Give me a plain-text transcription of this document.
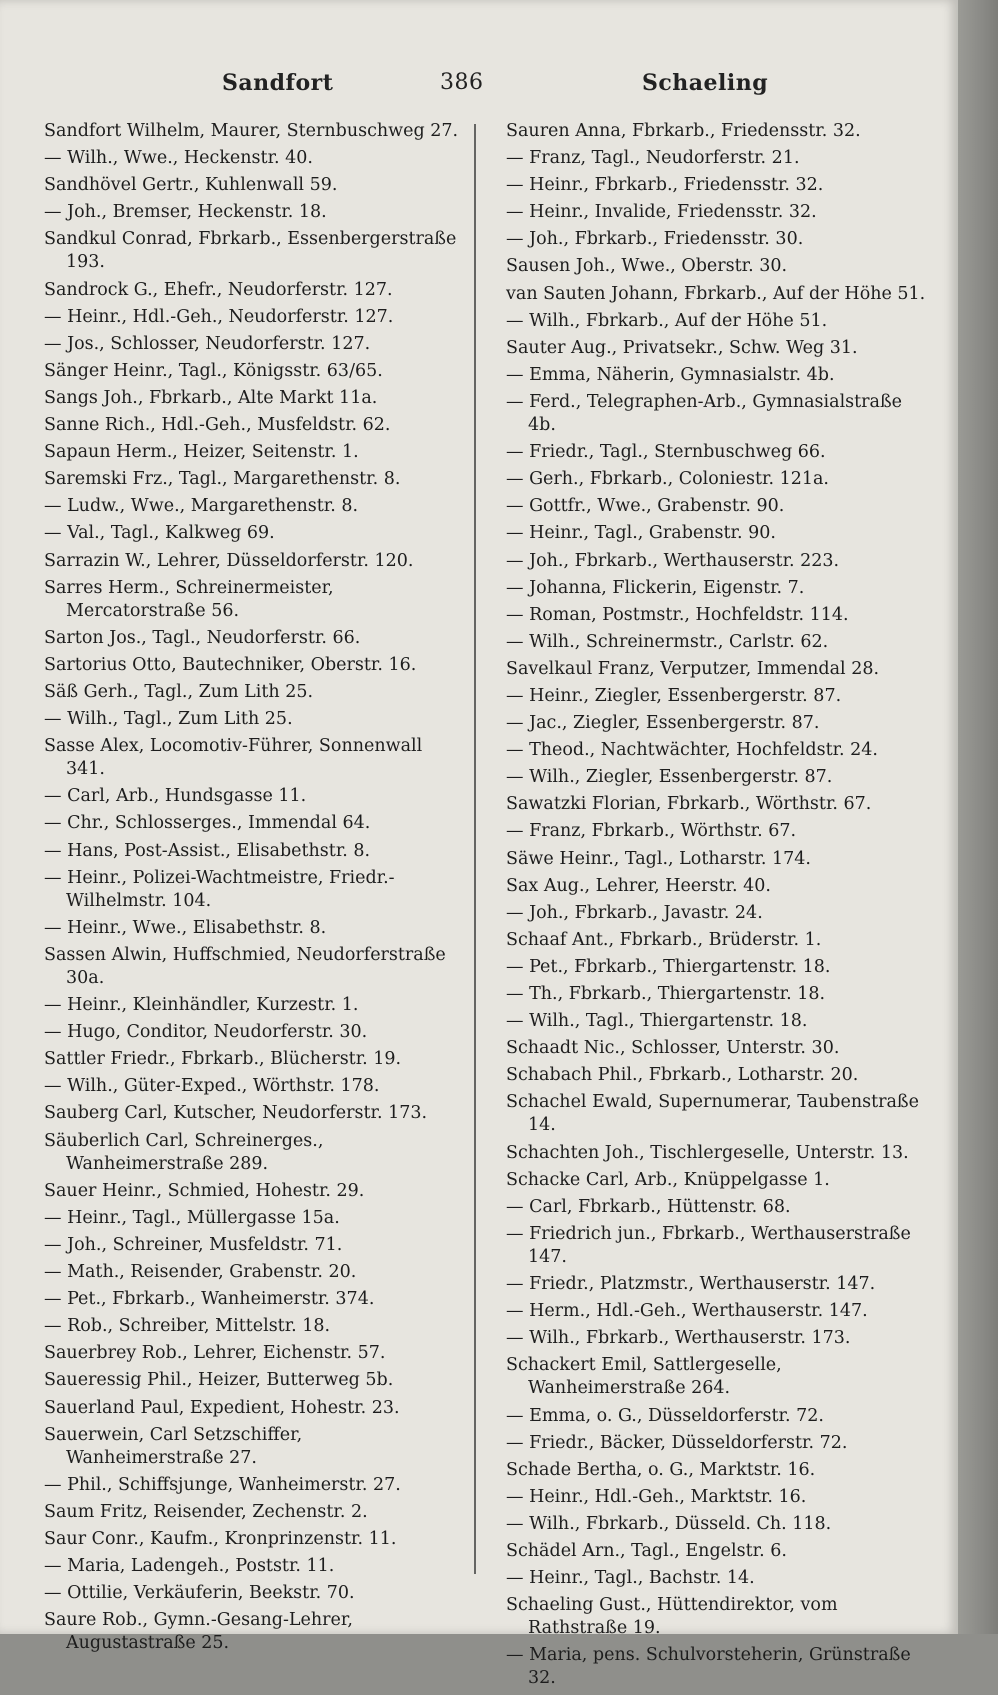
Sandfort	386	Schaeling
Sandfort Wilhelm, Maurer, Sternbuschweg 27.
— Wilh., Wwe., Heckenstr. 40.
Sandhövel Gertr., Kuhlenwall 59.
— Joh., Bremser, Heckenstr. 18.
Sandkul Conrad, Fbrkarb., Essenbergerstraße 193.
Sandrock G., Ehefr., Neudorferstr. 127.
— Heinr., Hdl.-Geh., Neudorferstr. 127.
— Jos., Schlosser, Neudorferstr. 127.
Sänger Heinr., Tagl., Königsstr. 63/65.
Sangs Joh., Fbrkarb., Alte Markt 11a.
Sanne Rich., Hdl.-Geh., Musfeldstr. 62.
Sapaun Herm., Heizer, Seitenstr. 1.
Saremski Frz., Tagl., Margarethenstr. 8.
— Ludw., Wwe., Margarethenstr. 8.
— Val., Tagl., Kalkweg 69.
Sarrazin W., Lehrer, Düsseldorferstr. 120.
Sarres Herm., Schreinermeister, Mercatorstraße 56.
Sarton Jos., Tagl., Neudorferstr. 66.
Sartorius Otto, Bautechniker, Oberstr. 16.
Säß Gerh., Tagl., Zum Lith 25.
— Wilh., Tagl., Zum Lith 25.
Sasse Alex, Locomotiv-Führer, Sonnenwall 341.
— Carl, Arb., Hundsgasse 11.
— Chr., Schlosserges., Immendal 64.
— Hans, Post-Assist., Elisabethstr. 8.
— Heinr., Polizei-Wachtmeistre, Friedr.-Wilhelmstr. 104.
— Heinr., Wwe., Elisabethstr. 8.
Sassen Alwin, Huffschmied, Neudorferstraße 30a.
— Heinr., Kleinhändler, Kurzestr. 1.
— Hugo, Conditor, Neudorferstr. 30.
Sattler Friedr., Fbrkarb., Blücherstr. 19.
— Wilh., Güter-Exped., Wörthstr. 178.
Sauberg Carl, Kutscher, Neudorferstr. 173.
Säuberlich Carl, Schreinerges., Wanheimerstraße 289.
Sauer Heinr., Schmied, Hohestr. 29.
— Heinr., Tagl., Müllergasse 15a.
— Joh., Schreiner, Musfeldstr. 71.
— Math., Reisender, Grabenstr. 20.
— Pet., Fbrkarb., Wanheimerstr. 374.
— Rob., Schreiber, Mittelstr. 18.
Sauerbrey Rob., Lehrer, Eichenstr. 57.
Saueressig Phil., Heizer, Butterweg 5b.
Sauerland Paul, Expedient, Hohestr. 23.
Sauerwein, Carl Setzschiffer, Wanheimerstraße 27.
— Phil., Schiffsjunge, Wanheimerstr. 27.
Saum Fritz, Reisender, Zechenstr. 2.
Saur Conr., Kaufm., Kronprinzenstr. 11.
— Maria, Ladengeh., Poststr. 11.
— Ottilie, Verkäuferin, Beekstr. 70.
Saure Rob., Gymn.-Gesang-Lehrer, Augustastraße 25.
Sauren Anna, Fbrkarb., Friedensstr. 32.
— Franz, Tagl., Neudorferstr. 21.
— Heinr., Fbrkarb., Friedensstr. 32.
— Heinr., Invalide, Friedensstr. 32.
— Joh., Fbrkarb., Friedensstr. 30.
Sausen Joh., Wwe., Oberstr. 30.
van Sauten Johann, Fbrkarb., Auf der Höhe 51.
— Wilh., Fbrkarb., Auf der Höhe 51.
Sauter Aug., Privatsekr., Schw. Weg 31.
— Emma, Näherin, Gymnasialstr. 4b.
— Ferd., Telegraphen-Arb., Gymnasialstraße 4b.
— Friedr., Tagl., Sternbuschweg 66.
— Gerh., Fbrkarb., Coloniestr. 121a.
— Gottfr., Wwe., Grabenstr. 90.
— Heinr., Tagl., Grabenstr. 90.
— Joh., Fbrkarb., Werthauserstr. 223.
— Johanna, Flickerin, Eigenstr. 7.
— Roman, Postmstr., Hochfeldstr. 114.
— Wilh., Schreinermstr., Carlstr. 62.
Savelkaul Franz, Verputzer, Immendal 28.
— Heinr., Ziegler, Essenbergerstr. 87.
— Jac., Ziegler, Essenbergerstr. 87.
— Theod., Nachtwächter, Hochfeldstr. 24.
— Wilh., Ziegler, Essenbergerstr. 87.
Sawatzki Florian, Fbrkarb., Wörthstr. 67.
— Franz, Fbrkarb., Wörthstr. 67.
Säwe Heinr., Tagl., Lotharstr. 174.
Sax Aug., Lehrer, Heerstr. 40.
— Joh., Fbrkarb., Javastr. 24.
Schaaf Ant., Fbrkarb., Brüderstr. 1.
— Pet., Fbrkarb., Thiergartenstr. 18.
— Th., Fbrkarb., Thiergartenstr. 18.
— Wilh., Tagl., Thiergartenstr. 18.
Schaadt Nic., Schlosser, Unterstr. 30.
Schabach Phil., Fbrkarb., Lotharstr. 20.
Schachel Ewald, Supernumerar, Taubenstraße 14.
Schachten Joh., Tischlergeselle, Unterstr. 13.
Schacke Carl, Arb., Knüppelgasse 1.
— Carl, Fbrkarb., Hüttenstr. 68.
— Friedrich jun., Fbrkarb., Werthauserstraße 147.
— Friedr., Platzmstr., Werthauserstr. 147.
— Herm., Hdl.-Geh., Werthauserstr. 147.
— Wilh., Fbrkarb., Werthauserstr. 173.
Schackert Emil, Sattlergeselle, Wanheimerstraße 264.
— Emma, o. G., Düsseldorferstr. 72.
— Friedr., Bäcker, Düsseldorferstr. 72.
Schade Bertha, o. G., Marktstr. 16.
— Heinr., Hdl.-Geh., Marktstr. 16.
— Wilh., Fbrkarb., Düsseld. Ch. 118.
Schädel Arn., Tagl., Engelstr. 6.
— Heinr., Tagl., Bachstr. 14.
Schaeling Gust., Hüttendirektor, vom Rathstraße 19.
— Maria, pens. Schulvorsteherin, Grünstraße 32.
